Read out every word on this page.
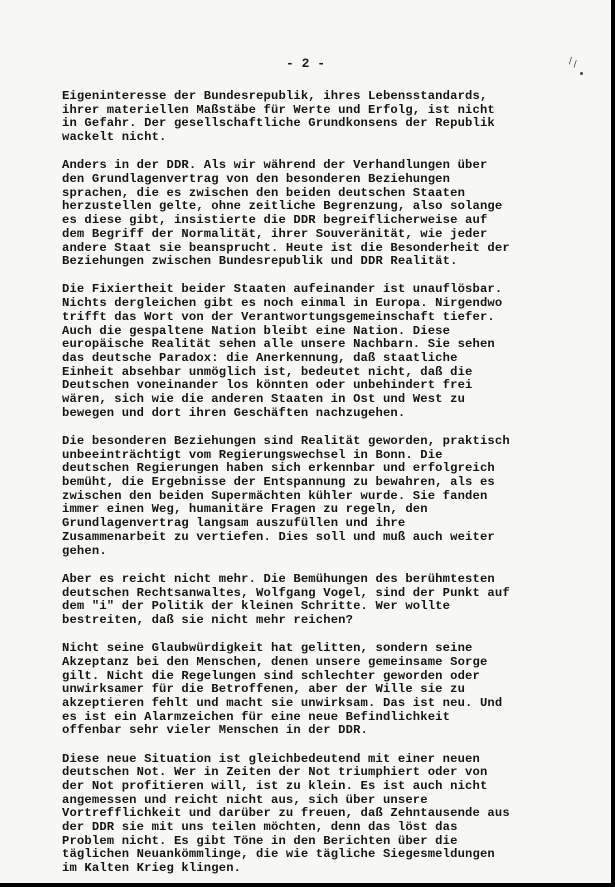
- 2 -	∖∖

Eigeninteresse der Bundesrepublik, ihres Lebensstandards,
ihrer materiellen Maßstäbe für Werte und Erfolg, ist nicht
in Gefahr. Der gesellschaftliche Grundkonsens der Republik
wackelt nicht.

Anders in der DDR. Als wir während der Verhandlungen über
den Grundlagenvertrag von den besonderen Beziehungen
sprachen, die es zwischen den beiden deutschen Staaten
herzustellen gelte, ohne zeitliche Begrenzung, also solange
es diese gibt, insistierte die DDR begreiflicherweise auf
dem Begriff der Normalität, ihrer Souveränität, wie jeder
andere Staat sie beansprucht. Heute ist die Besonderheit der
Beziehungen zwischen Bundesrepublik und DDR Realität.

Die Fixiertheit beider Staaten aufeinander ist unauflösbar.
Nichts dergleichen gibt es noch einmal in Europa. Nirgendwo
trifft das Wort von der Verantwortungsgemeinschaft tiefer.
Auch die gespaltene Nation bleibt eine Nation. Diese
europäische Realität sehen alle unsere Nachbarn. Sie sehen
das deutsche Paradox: die Anerkennung, daß staatliche
Einheit absehbar unmöglich ist, bedeutet nicht, daß die
Deutschen voneinander los könnten oder unbehindert frei
wären, sich wie die anderen Staaten in Ost und West zu
bewegen und dort ihren Geschäften nachzugehen.

Die besonderen Beziehungen sind Realität geworden, praktisch
unbeeinträchtigt vom Regierungswechsel in Bonn. Die
deutschen Regierungen haben sich erkennbar und erfolgreich
bemüht, die Ergebnisse der Entspannung zu bewahren, als es
zwischen den beiden Supermächten kühler wurde. Sie fanden
immer einen Weg, humanitäre Fragen zu regeln, den
Grundlagenvertrag langsam auszufüllen und ihre
Zusammenarbeit zu vertiefen. Dies soll und muß auch weiter
gehen.

Aber es reicht nicht mehr. Die Bemühungen des berühmtesten
deutschen Rechtsanwaltes, Wolfgang Vogel, sind der Punkt auf
dem "i" der Politik der kleinen Schritte. Wer wollte
bestreiten, daß sie nicht mehr reichen?

Nicht seine Glaubwürdigkeit hat gelitten, sondern seine
Akzeptanz bei den Menschen, denen unsere gemeinsame Sorge
gilt. Nicht die Regelungen sind schlechter geworden oder
unwirksamer für die Betroffenen, aber der Wille sie zu
akzeptieren fehlt und macht sie unwirksam. Das ist neu. Und
es ist ein Alarmzeichen für eine neue Befindlichkeit
offenbar sehr vieler Menschen in der DDR.

Diese neue Situation ist gleichbedeutend mit einer neuen
deutschen Not. Wer in Zeiten der Not triumphiert oder von
der Not profitieren will, ist zu klein. Es ist auch nicht
angemessen und reicht nicht aus, sich über unsere
Vortrefflichkeit und darüber zu freuen, daß Zehntausende aus
der DDR sie mit uns teilen möchten, denn das löst das
Problem nicht. Es gibt Töne in den Berichten über die
täglichen Neuankömmlinge, die wie tägliche Siegesmeldungen
im Kalten Krieg klingen.
